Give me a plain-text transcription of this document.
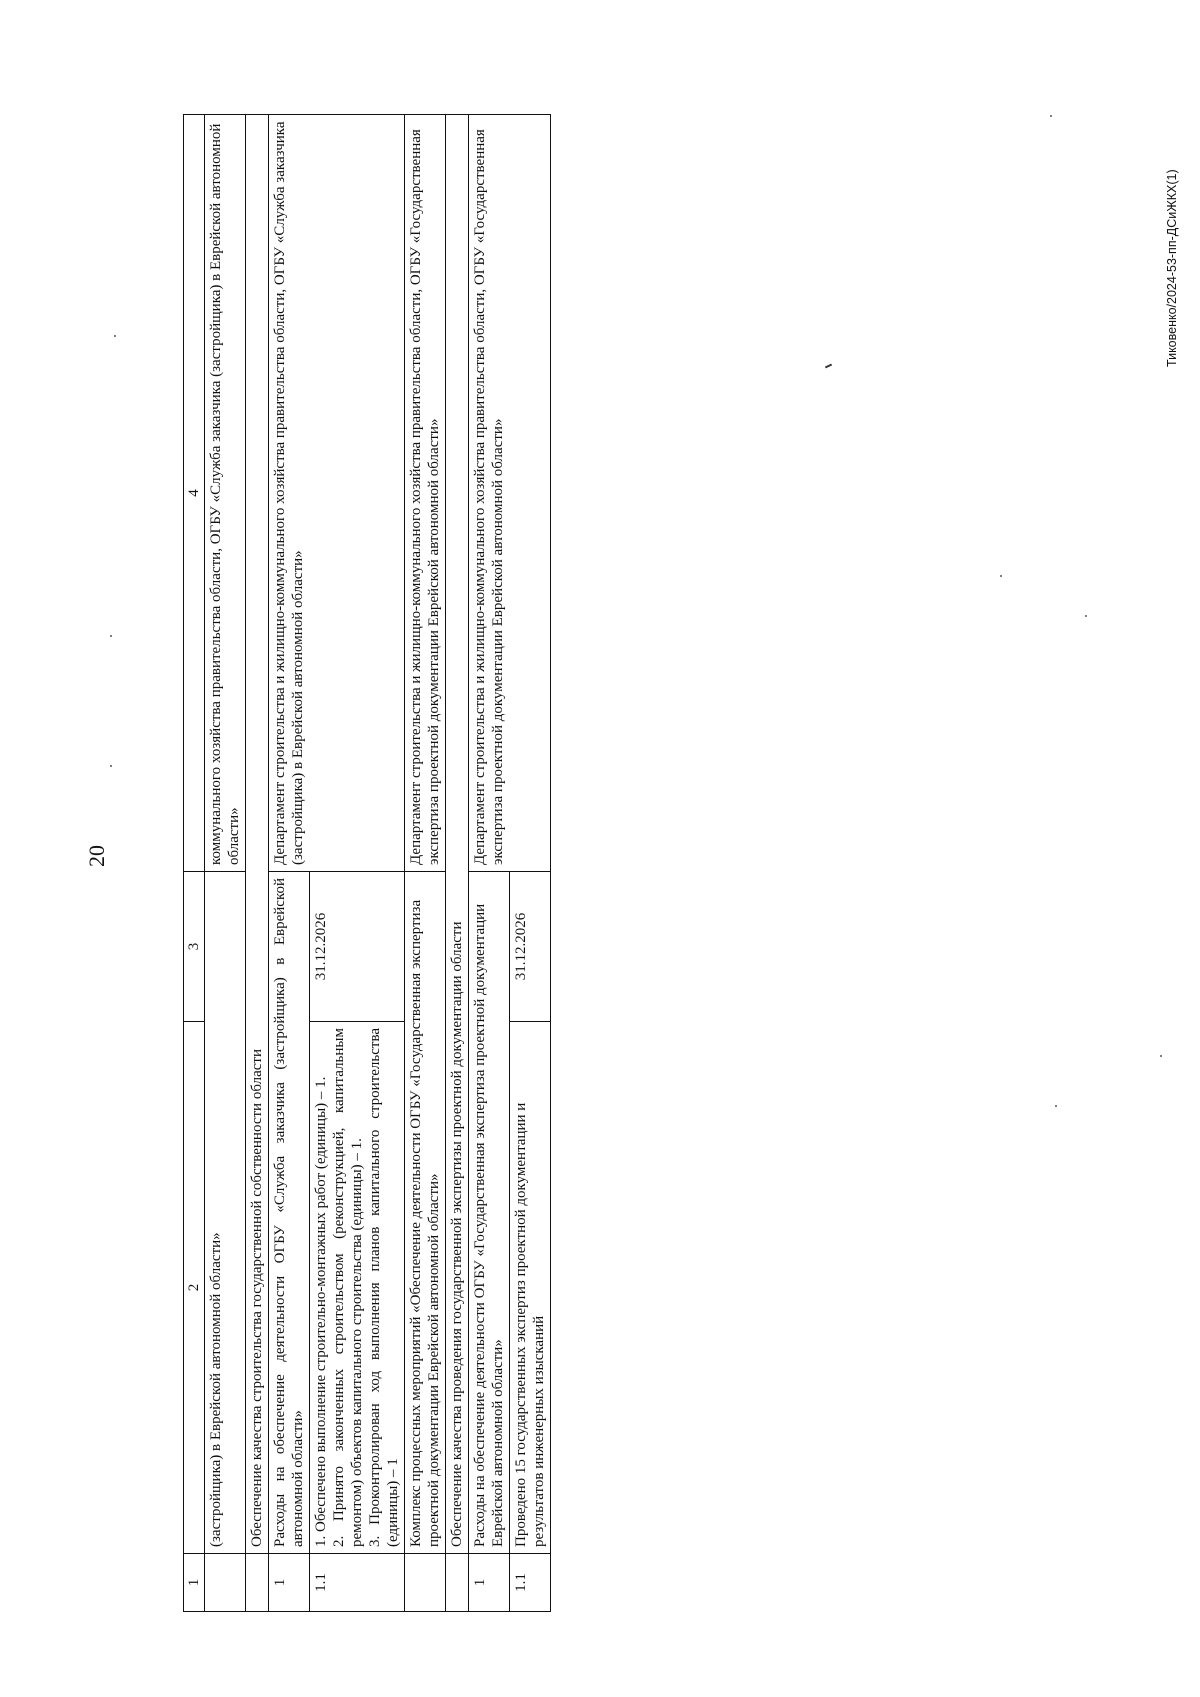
20
1	2	3	4
	(застройщика) в Еврейской автономной области»		коммунального хозяйства правительства области, ОГБУ «Служба заказчика (застройщика) в Еврейской автономной области»
	Обеспечение качества строительства государственной собственности области		
1	Расходы на обеспечение деятельности ОГБУ «Служба заказчика (застройщика) в Еврейской автономной области»		Департамент строительства и жилищно-коммунального хозяйства правительства области, ОГБУ «Служба заказчика (застройщика) в Еврейской автономной области»
1.1	1. Обеспечено выполнение строительно-монтажных работ (единицы) – 1. 2. Принято законченных строительством (реконструкцией, капитальным ремонтом) объектов капитального строительства (единицы) – 1. 3. Проконтролирован ход выполнения планов капитального строительства (единицы) – 1	31.12.2026	
	Комплекс процессных мероприятий «Обеспечение деятельности ОГБУ «Государственная экспертиза проектной документации Еврейской автономной области»		Департамент строительства и жилищно-коммунального хозяйства правительства области, ОГБУ «Государственная экспертиза проектной документации Еврейской автономной области»
	Обеспечение качества проведения государственной экспертизы проектной документации области		
1	Расходы на обеспечение деятельности ОГБУ «Государственная экспертиза проектной документации Еврейской автономной области»		Департамент строительства и жилищно-коммунального хозяйства правительства области, ОГБУ «Государственная экспертиза проектной документации Еврейской автономной области»
1.1	Проведено 15 государственных экспертиз проектной документации и результатов инженерных изысканий	31.12.2026	
Тиковенко/2024-53-пп-ДСиЖКХ(1)
